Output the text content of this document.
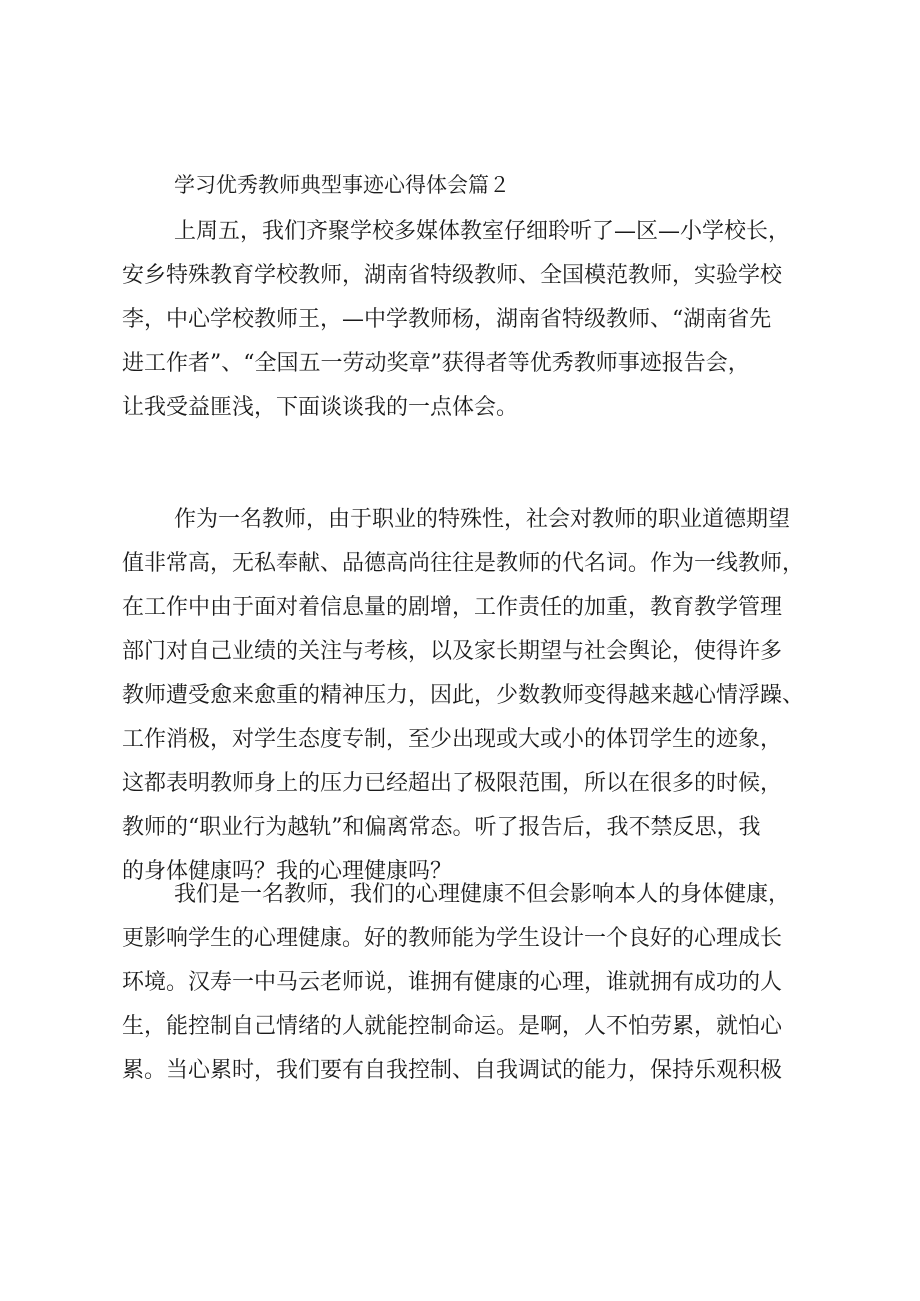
学习优秀教师典型事迹心得体会篇２
上周五，我们齐聚学校多媒体教室仔细聆听了—区—小学校长，
安乡特殊教育学校教师，湖南省特级教师、全国模范教师，实验学校
李，中心学校教师王，—中学教师杨，湖南省特级教师、“湖南省先
进工作者”、“全国五一劳动奖章”获得者等优秀教师事迹报告会，
让我受益匪浅，下面谈谈我的一点体会。
作为一名教师，由于职业的特殊性，社会对教师的职业道德期望
值非常高，无私奉献、品德高尚往往是教师的代名词。作为一线教师，
在工作中由于面对着信息量的剧增，工作责任的加重，教育教学管理
部门对自己业绩的关注与考核，以及家长期望与社会舆论，使得许多
教师遭受愈来愈重的精神压力，因此，少数教师变得越来越心情浮躁、
工作消极，对学生态度专制，至少出现或大或小的体罚学生的迹象，
这都表明教师身上的压力已经超出了极限范围，所以在很多的时候，
教师的“职业行为越轨”和偏离常态。听了报告后，我不禁反思，我
的身体健康吗？我的心理健康吗？
我们是一名教师，我们的心理健康不但会影响本人的身体健康，
更影响学生的心理健康。好的教师能为学生设计一个良好的心理成长
环境。汉寿一中马云老师说，谁拥有健康的心理，谁就拥有成功的人
生，能控制自己情绪的人就能控制命运。是啊，人不怕劳累，就怕心
累。当心累时，我们要有自我控制、自我调试的能力，保持乐观积极
